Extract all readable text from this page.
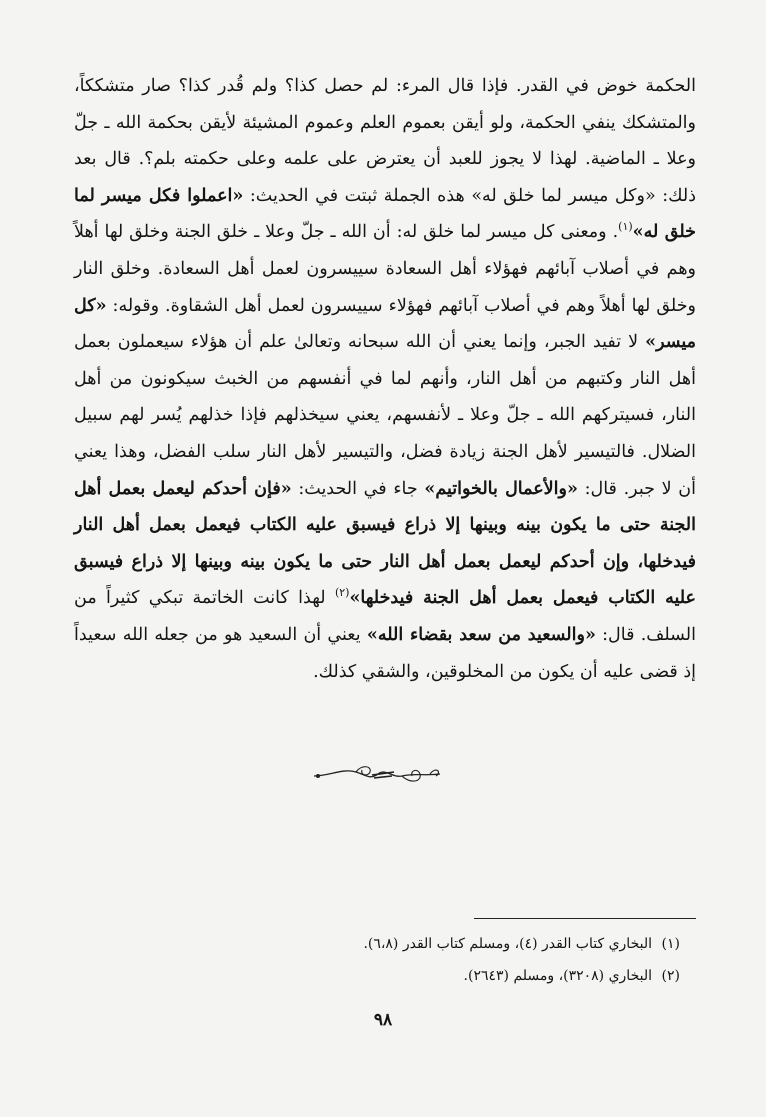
الحكمة خوض في القدر. فإذا قال المرء: لم حصل كذا؟ ولم قُدر كذا؟ صار متشككاً، والمتشكك ينفي الحكمة، ولو أيقن بعموم العلم وعموم المشيئة لأيقن بحكمة الله ـ جلّ وعلا ـ الماضية. لهذا لا يجوز للعبد أن يعترض على علمه وعلى حكمته بلم؟. قال بعد ذلك: «وكل ميسر لما خلق له» هذه الجملة ثبتت في الحديث: «اعملوا فكل ميسر لما خلق له»$^{(١)}$. ومعنى كل ميسر لما خلق له: أن الله ـ جلّ وعلا ـ خلق الجنة وخلق لها أهلاً وهم في أصلاب آبائهم فهؤلاء أهل السعادة سييسرون لعمل أهل السعادة. وخلق النار وخلق لها أهلاً وهم في أصلاب آبائهم فهؤلاء سييسرون لعمل أهل الشقاوة. وقوله: «كل ميسر» لا تفيد الجبر، وإنما يعني أن الله سبحانه وتعالىٰ علم أن هؤلاء سيعملون بعمل أهل النار وكتبهم من أهل النار، وأنهم لما في أنفسهم من الخبث سيكونون من أهل النار، فسيتركهم الله ـ جلّ وعلا ـ لأنفسهم، يعني سيخذلهم فإذا خذلهم يُسر لهم سبيل الضلال. فالتيسير لأهل الجنة زيادة فضل، والتيسير لأهل النار سلب الفضل، وهذا يعني أن لا جبر. قال: «والأعمال بالخواتيم» جاء في الحديث: «فإن أحدكم ليعمل بعمل أهل الجنة حتى ما يكون بينه وبينها إلا ذراع فيسبق عليه الكتاب فيعمل بعمل أهل النار فيدخلها، وإن أحدكم ليعمل بعمل أهل النار حتى ما يكون بينه وبينها إلا ذراع فيسبق عليه الكتاب فيعمل بعمل أهل الجنة فيدخلها»$^{(٢)}$ لهذا كانت الخاتمة تبكي كثيراً من السلف. قال: «والسعيد من سعد بقضاء الله» يعني أن السعيد هو من جعله الله سعيداً إذ قضى عليه أن يكون من المخلوقين، والشقي كذلك.
(١)البخاري كتاب القدر (٤)، ومسلم كتاب القدر (٦،٨).
(٢)البخاري (٣٢٠٨)، ومسلم (٢٦٤٣).
٩٨
